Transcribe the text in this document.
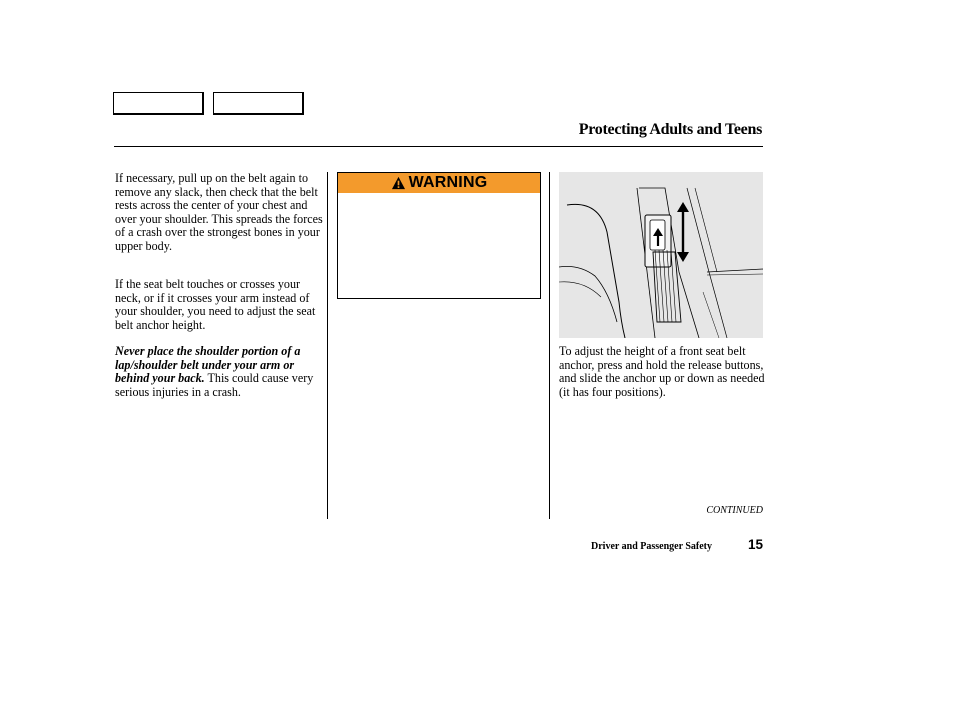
Protecting Adults and Teens

If necessary, pull up on the belt again to remove any slack, then check that the belt rests across the center of your chest and over your shoulder. This spreads the forces of a crash over the strongest bones in your upper body.

If the seat belt touches or crosses your neck, or if it crosses your arm instead of your shoulder, you need to adjust the seat belt anchor height.

Never place the shoulder portion of a lap/shoulder belt under your arm or behind your back. This could cause very serious injuries in a crash.

WARNING

To adjust the height of a front seat belt anchor, press and hold the release buttons, and slide the anchor up or down as needed (it has four positions).

CONTINUED
Driver and Passenger Safety	15
